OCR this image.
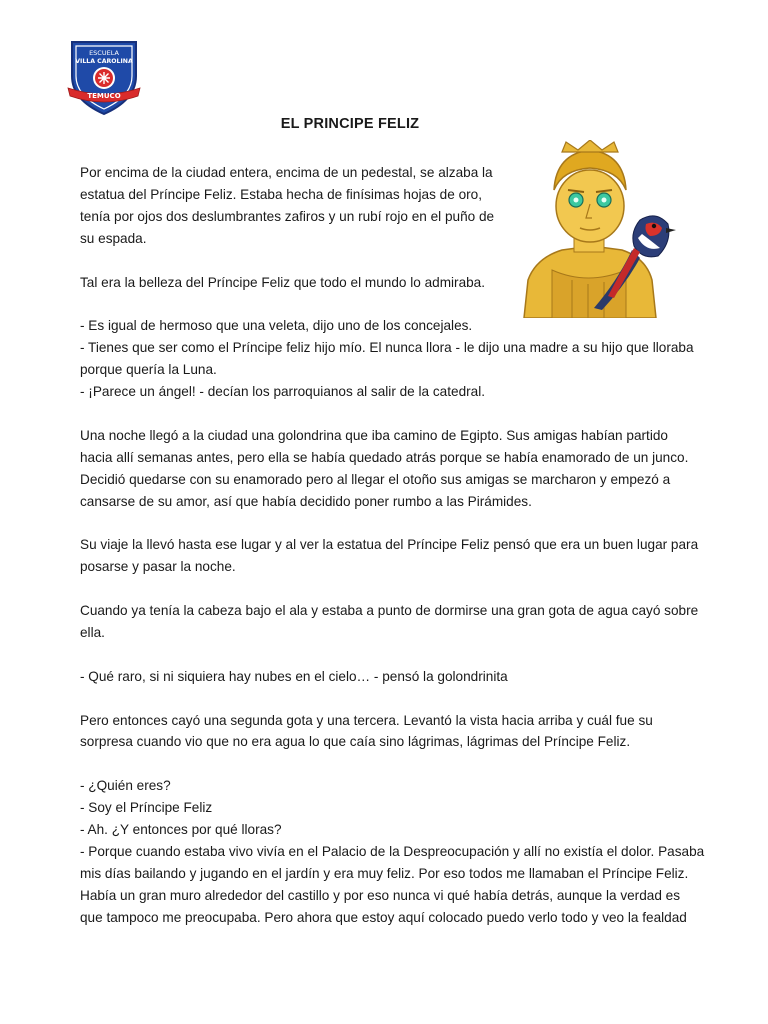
ESCUELA
VILLA CAROLINA
TEMUCO
EL PRINCIPE FELIZ
Por encima de la ciudad entera, encima de un pedestal, se alzaba la
estatua del Príncipe Feliz. Estaba hecha de finísimas hojas de oro,
tenía por ojos dos deslumbrantes zafiros y un rubí rojo en el puño de
su espada.
Tal era la belleza del Príncipe Feliz que todo el mundo lo admiraba.
- Es igual de hermoso que una veleta, dijo uno de los concejales.
- Tienes que ser como el Príncipe feliz hijo mío. El nunca llora - le dijo una madre a su hijo que lloraba
porque quería la Luna.
- ¡Parece un ángel! - decían los parroquianos al salir de la catedral.
Una noche llegó a la ciudad una golondrina que iba camino de Egipto. Sus amigas habían partido
hacia allí semanas antes, pero ella se había quedado atrás porque se había enamorado de un junco.
Decidió quedarse con su enamorado pero al llegar el otoño sus amigas se marcharon y empezó a
cansarse de su amor, así que había decidido poner rumbo a las Pirámides.
Su viaje la llevó hasta ese lugar y al ver la estatua del Príncipe Feliz pensó que era un buen lugar para
posarse y pasar la noche.
Cuando ya tenía la cabeza bajo el ala y estaba a punto de dormirse una gran gota de agua cayó sobre
ella.
- Qué raro, si ni siquiera hay nubes en el cielo… - pensó la golondrinita
Pero entonces cayó una segunda gota y una tercera. Levantó la vista hacia arriba y cuál fue su
sorpresa cuando vio que no era agua lo que caía sino lágrimas, lágrimas del Príncipe Feliz.
- ¿Quién eres?
- Soy el Príncipe Feliz
- Ah. ¿Y entonces por qué lloras?
- Porque cuando estaba vivo vivía en el Palacio de la Despreocupación y allí no existía el dolor. Pasaba
mis días bailando y jugando en el jardín y era muy feliz. Por eso todos me llamaban el Príncipe Feliz.
Había un gran muro alrededor del castillo y por eso nunca vi qué había detrás, aunque la verdad es
que tampoco me preocupaba. Pero ahora que estoy aquí colocado puedo verlo todo y veo la fealdad
